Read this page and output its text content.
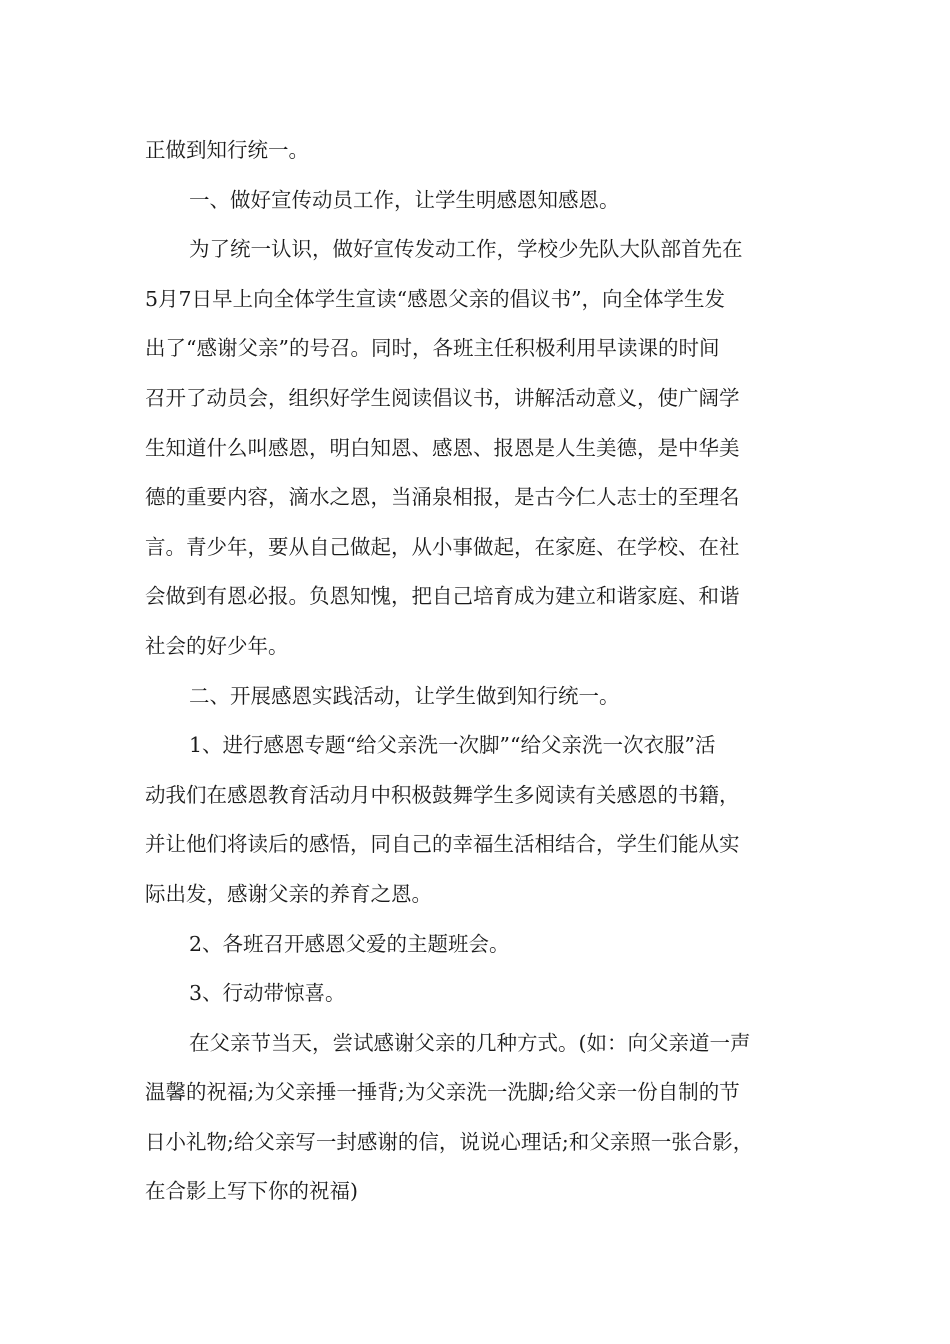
正做到知行统一。
一、做好宣传动员工作，让学生明感恩知感恩。
为了统一认识，做好宣传发动工作，学校少先队大队部首先在
5月7日早上向全体学生宣读“感恩父亲的倡议书”，向全体学生发
出了“感谢父亲”的号召。同时，各班主任积极利用早读课的时间
召开了动员会，组织好学生阅读倡议书，讲解活动意义，使广阔学
生知道什么叫感恩，明白知恩、感恩、报恩是人生美德，是中华美
德的重要内容，滴水之恩，当涌泉相报，是古今仁人志士的至理名
言。青少年，要从自己做起，从小事做起，在家庭、在学校、在社
会做到有恩必报。负恩知愧，把自己培育成为建立和谐家庭、和谐
社会的好少年。
二、开展感恩实践活动，让学生做到知行统一。
1、进行感恩专题“给父亲洗一次脚”“给父亲洗一次衣服”活
动我们在感恩教育活动月中积极鼓舞学生多阅读有关感恩的书籍，
并让他们将读后的感悟，同自己的幸福生活相结合，学生们能从实
际出发，感谢父亲的养育之恩。
2、各班召开感恩父爱的主题班会。
3、行动带惊喜。
在父亲节当天，尝试感谢父亲的几种方式。(如：向父亲道一声
温馨的祝福;为父亲捶一捶背;为父亲洗一洗脚;给父亲一份自制的节
日小礼物;给父亲写一封感谢的信，说说心理话;和父亲照一张合影，
在合影上写下你的祝福)
